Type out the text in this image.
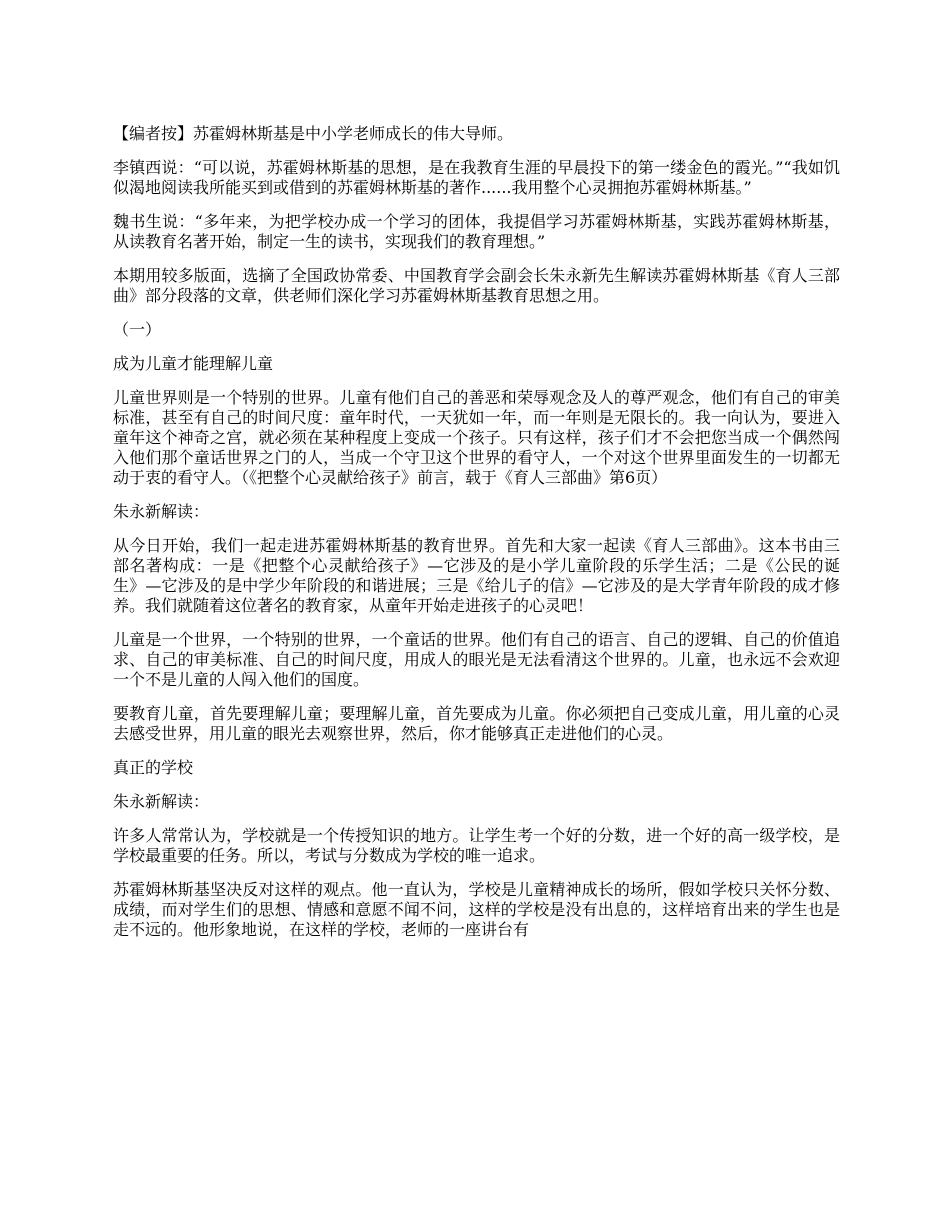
【编者按】苏霍姆林斯基是中小学老师成长的伟大导师。

李镇西说：“可以说，苏霍姆林斯基的思想，是在我教育生涯的早晨投下的第一缕金色的霞光。”“我如饥似渴地阅读我所能买到或借到的苏霍姆林斯基的著作......我用整个心灵拥抱苏霍姆林斯基。”

魏书生说：“多年来，为把学校办成一个学习的团体，我提倡学习苏霍姆林斯基，实践苏霍姆林斯基，从读教育名著开始，制定一生的读书，实现我们的教育理想。”

本期用较多版面，选摘了全国政协常委、中国教育学会副会长朱永新先生解读苏霍姆林斯基《育人三部曲》部分段落的文章，供老师们深化学习苏霍姆林斯基教育思想之用。

（一）

成为儿童才能理解儿童

儿童世界则是一个特别的世界。儿童有他们自己的善恶和荣辱观念及人的尊严观念，他们有自己的审美标准，甚至有自己的时间尺度：童年时代，一天犹如一年，而一年则是无限长的。我一向认为，要进入童年这个神奇之宫，就必须在某种程度上变成一个孩子。只有这样，孩子们才不会把您当成一个偶然闯入他们那个童话世界之门的人，当成一个守卫这个世界的看守人，一个对这个世界里面发生的一切都无动于衷的看守人。（《把整个心灵献给孩子》前言，载于《育人三部曲》第6页）

朱永新解读：

从今日开始，我们一起走进苏霍姆林斯基的教育世界。首先和大家一起读《育人三部曲》。这本书由三部名著构成：一是《把整个心灵献给孩子》—它涉及的是小学儿童阶段的乐学生活；二是《公民的诞生》—它涉及的是中学少年阶段的和谐进展；三是《给儿子的信》—它涉及的是大学青年阶段的成才修养。我们就随着这位著名的教育家，从童年开始走进孩子的心灵吧！

儿童是一个世界，一个特别的世界，一个童话的世界。他们有自己的语言、自己的逻辑、自己的价值追求、自己的审美标准、自己的时间尺度，用成人的眼光是无法看清这个世界的。儿童，也永远不会欢迎一个不是儿童的人闯入他们的国度。

要教育儿童，首先要理解儿童；要理解儿童，首先要成为儿童。你必须把自己变成儿童，用儿童的心灵去感受世界，用儿童的眼光去观察世界，然后，你才能够真正走进他们的心灵。

真正的学校

朱永新解读：

许多人常常认为，学校就是一个传授知识的地方。让学生考一个好的分数，进一个好的高一级学校，是学校最重要的任务。所以，考试与分数成为学校的唯一追求。

苏霍姆林斯基坚决反对这样的观点。他一直认为，学校是儿童精神成长的场所，假如学校只关怀分数、成绩，而对学生们的思想、情感和意愿不闻不问，这样的学校是没有出息的，这样培育出来的学生也是走不远的。他形象地说，在这样的学校，老师的一座讲台有
